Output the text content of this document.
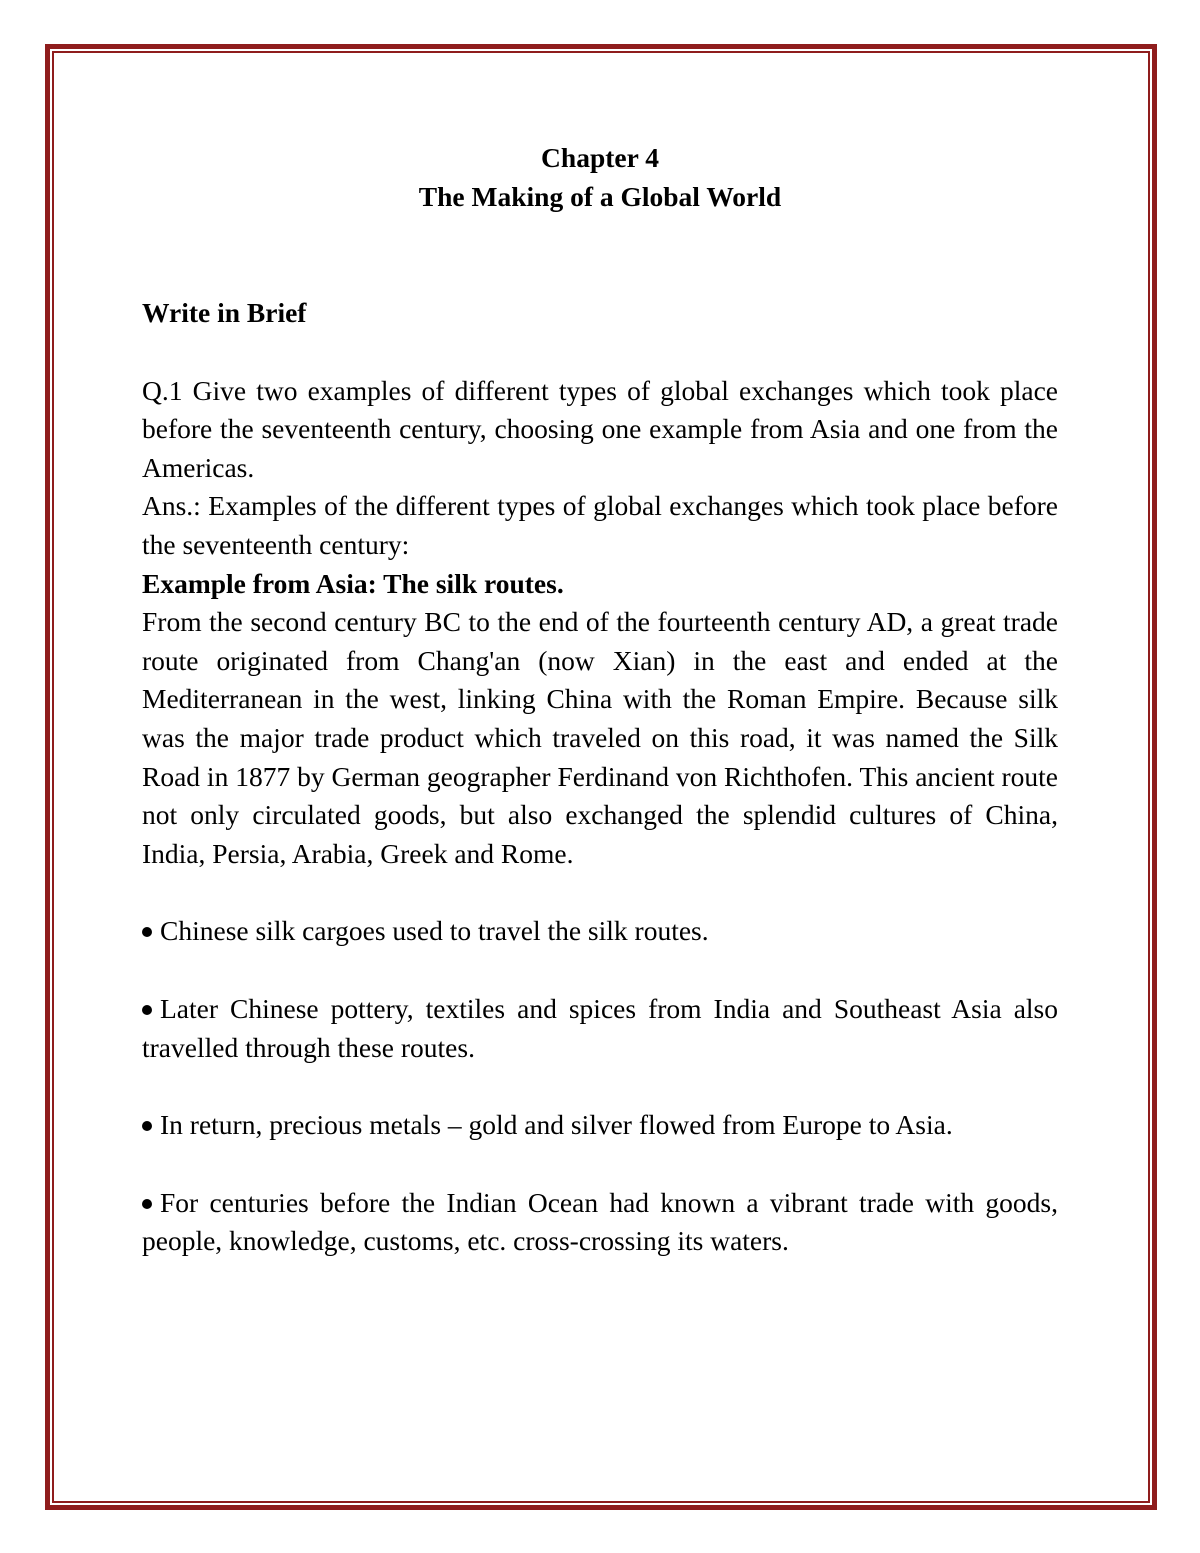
Chapter 4
The Making of a Global World
Write in Brief
Q.1 Give two examples of different types of global exchanges which took place before the seventeenth century, choosing one example from Asia and one from the Americas.
Ans.: Examples of the different types of global exchanges which took place before the seventeenth century:
Example from Asia: The silk routes.
From the second century BC to the end of the fourteenth century AD, a great trade route originated from Chang'an (now Xian) in the east and ended at the Mediterranean in the west, linking China with the Roman Empire. Because silk was the major trade product which traveled on this road, it was named the Silk Road in 1877 by German geographer Ferdinand von Richthofen. This ancient route not only circulated goods, but also exchanged the splendid cultures of China, India, Persia, Arabia, Greek and Rome.
Chinese silk cargoes used to travel the silk routes.
Later Chinese pottery, textiles and spices from India and Southeast Asia also travelled through these routes.
In return, precious metals – gold and silver flowed from Europe to Asia.
For centuries before the Indian Ocean had known a vibrant trade with goods, people, knowledge, customs, etc. cross-crossing its waters.
